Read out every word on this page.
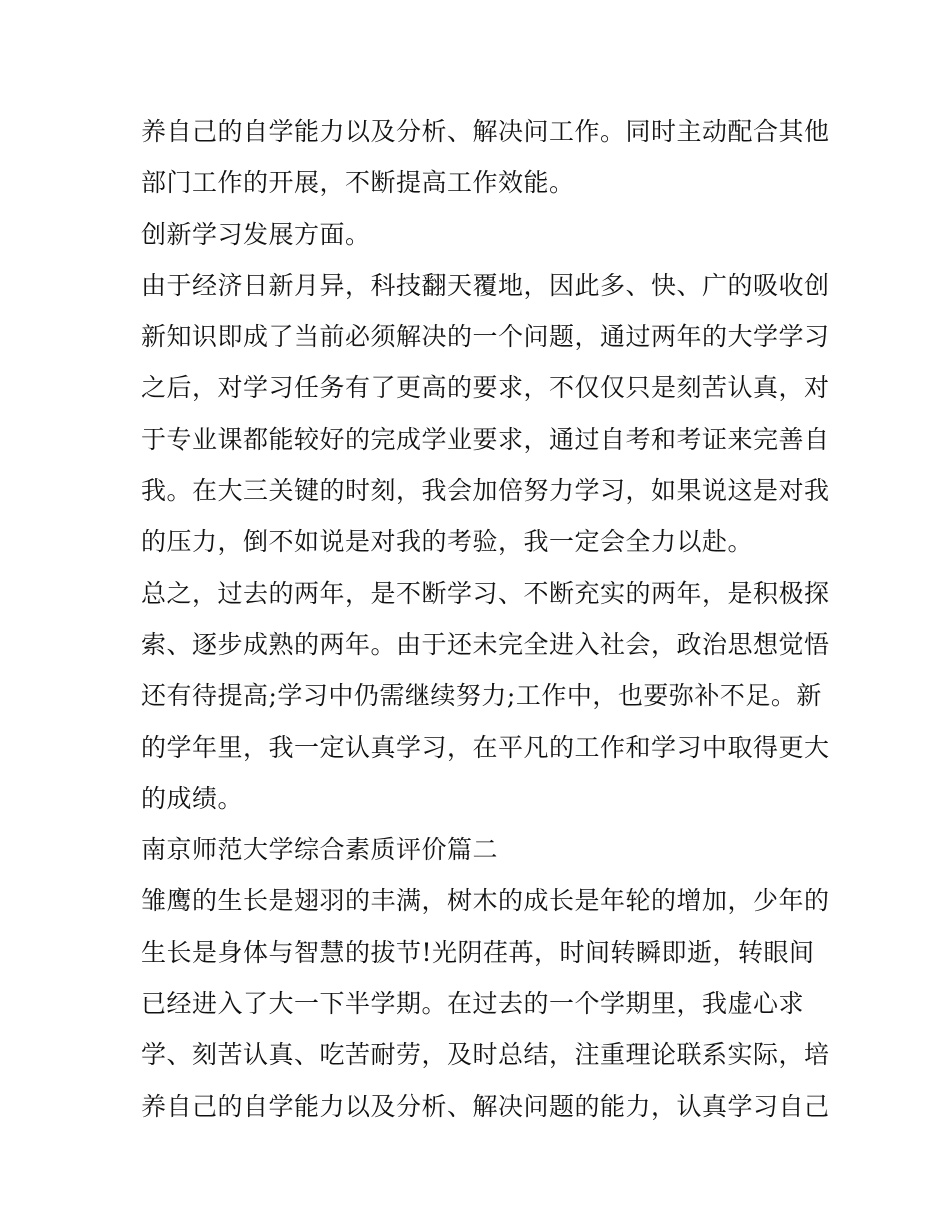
养自己的自学能力以及分析、解决问工作。同时主动配合其他
部门工作的开展，不断提高工作效能。
创新学习发展方面。
由于经济日新月异，科技翻天覆地，因此多、快、广的吸收创
新知识即成了当前必须解决的一个问题，通过两年的大学学习
之后，对学习任务有了更高的要求，不仅仅只是刻苦认真，对
于专业课都能较好的完成学业要求，通过自考和考证来完善自
我。在大三关键的时刻，我会加倍努力学习，如果说这是对我
的压力，倒不如说是对我的考验，我一定会全力以赴。
总之，过去的两年，是不断学习、不断充实的两年，是积极探
索、逐步成熟的两年。由于还未完全进入社会，政治思想觉悟
还有待提高;学习中仍需继续努力;工作中，也要弥补不足。新
的学年里，我一定认真学习，在平凡的工作和学习中取得更大
的成绩。
南京师范大学综合素质评价篇二
雏鹰的生长是翅羽的丰满，树木的成长是年轮的增加，少年的
生长是身体与智慧的拔节!光阴荏苒，时间转瞬即逝，转眼间
已经进入了大一下半学期。在过去的一个学期里，我虚心求
学、刻苦认真、吃苦耐劳，及时总结，注重理论联系实际，培
养自己的自学能力以及分析、解决问题的能力，认真学习自己
